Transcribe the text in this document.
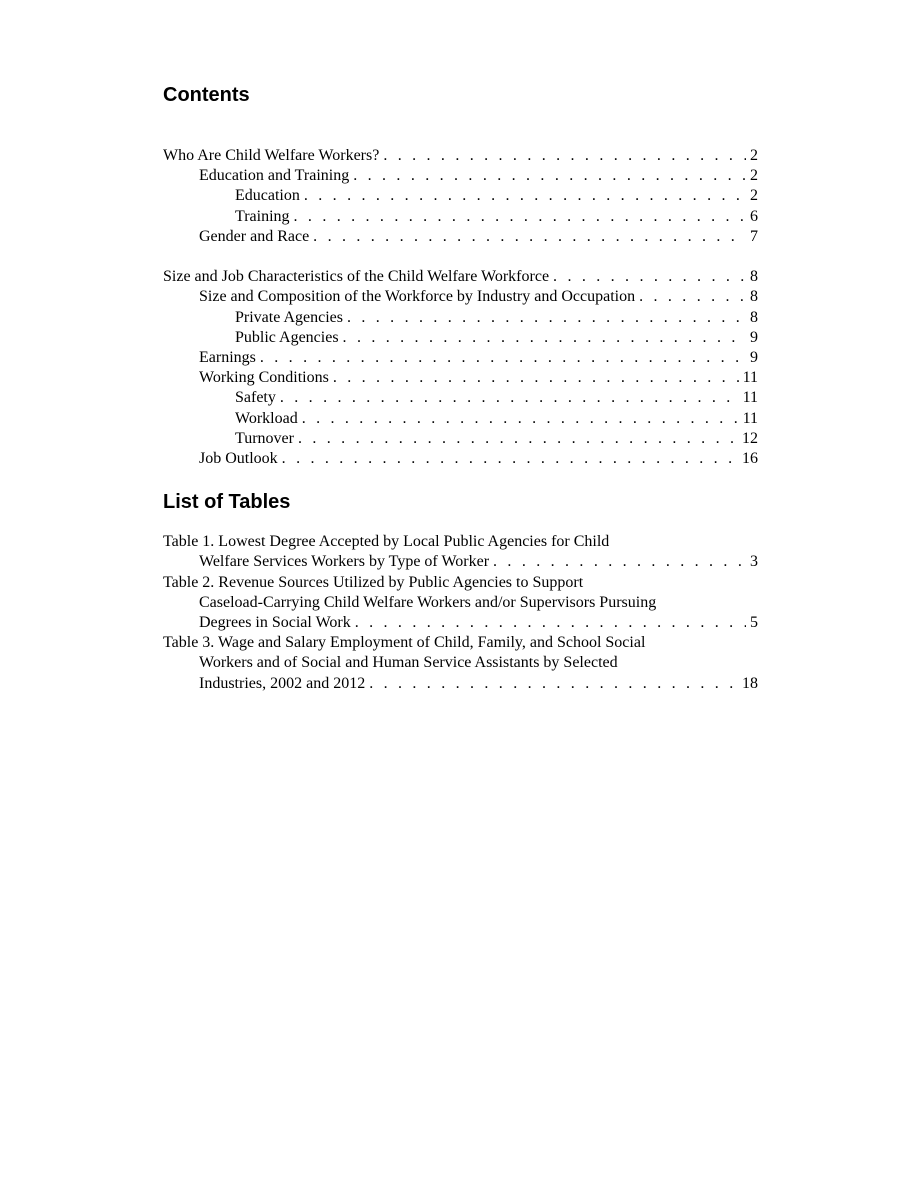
Contents
Who Are Child Welfare Workers? . . .	2
Education and Training . . .	2
Education . . .	2
Training . . .	6
Gender and Race . . .	7
Size and Job Characteristics of the Child Welfare Workforce . . .	8
Size and Composition of the Workforce by Industry and Occupation . . .	8
Private Agencies . . .	8
Public Agencies . . .	9
Earnings . . .	9
Working Conditions . . .	11
Safety . . .	11
Workload . . .	11
Turnover . . .	12
Job Outlook . . .	16
List of Tables
Table 1. Lowest Degree Accepted by Local Public Agencies for Child
Welfare Services Workers by Type of Worker . . .	3
Table 2. Revenue Sources Utilized by Public Agencies to Support
Caseload-Carrying Child Welfare Workers and/or Supervisors Pursuing
Degrees in Social Work . . .	5
Table 3. Wage and Salary Employment of Child, Family, and School Social
Workers and of Social and Human Service Assistants by Selected
Industries, 2002 and 2012 . . .	18
